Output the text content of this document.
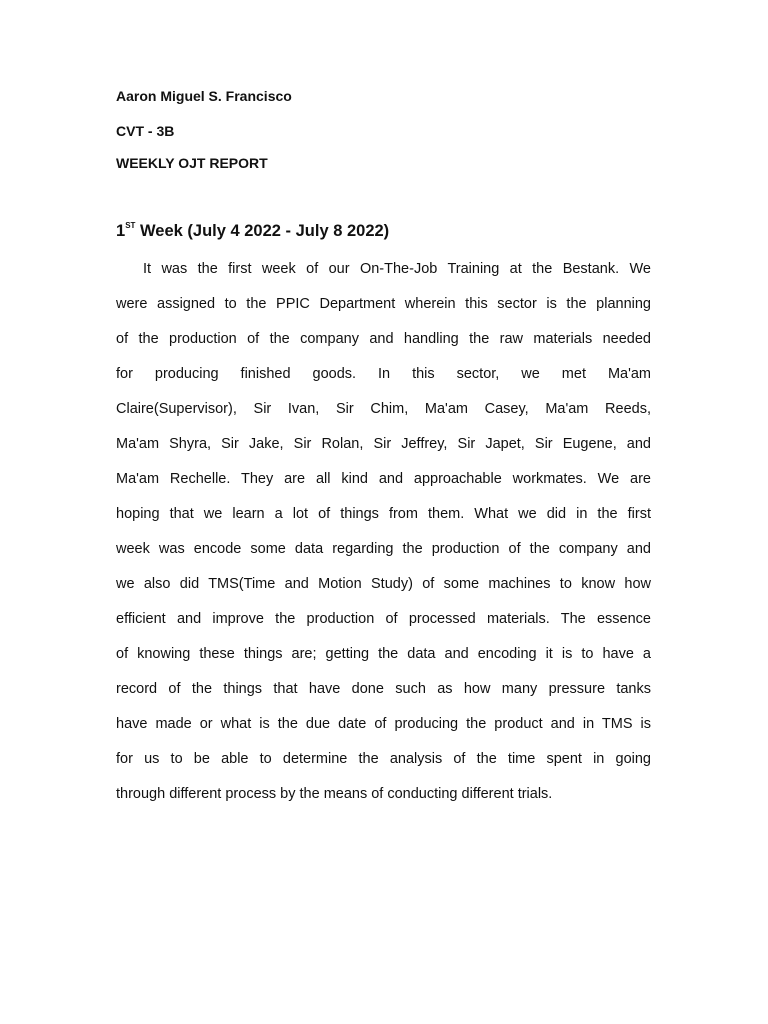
Aaron Miguel S. Francisco
CVT - 3B
WEEKLY OJT REPORT
1ST Week (July 4 2022 - July 8 2022)
It was the first week of our On-The-Job Training at the Bestank. We
were assigned to the PPIC Department wherein this sector is the planning
of the production of the company and handling the raw materials needed
for producing finished goods. In this sector, we met Ma'am
Claire(Supervisor), Sir Ivan, Sir Chim, Ma'am Casey, Ma'am Reeds,
Ma'am Shyra, Sir Jake, Sir Rolan, Sir Jeffrey, Sir Japet, Sir Eugene, and
Ma'am Rechelle. They are all kind and approachable workmates. We are
hoping that we learn a lot of things from them. What we did in the first
week was encode some data regarding the production of the company and
we also did TMS(Time and Motion Study) of some machines to know how
efficient and improve the production of processed materials. The essence
of knowing these things are; getting the data and encoding it is to have a
record of the things that have done such as how many pressure tanks
have made or what is the due date of producing the product and in TMS is
for us to be able to determine the analysis of the time spent in going
through different process by the means of conducting different trials.
